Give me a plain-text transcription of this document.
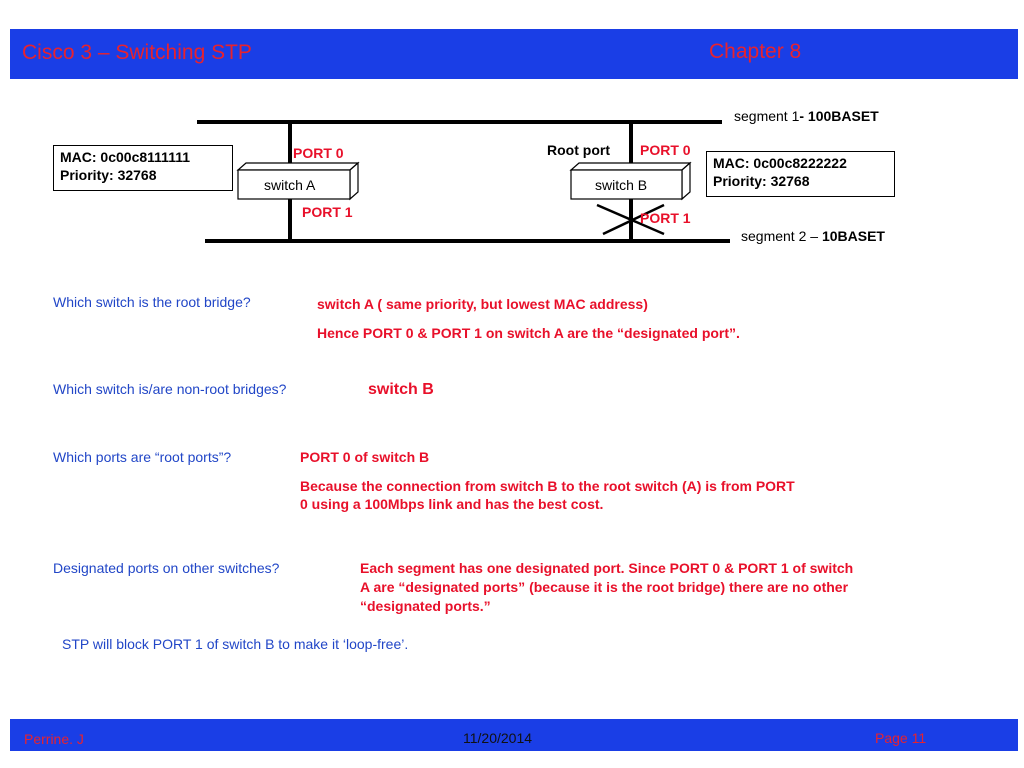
Cisco 3 – Switching STP	Chapter 8
switch A	switch B
MAC: 0c00c8111111
Priority: 32768
MAC: 0c00c8222222
Priority: 32768
PORT 0
PORT 1
PORT 0
PORT 1
Root port
segment 1- 100BASET
segment 2 – 10BASET
Which switch is the root bridge?	switch A ( same priority, but lowest MAC address)
Hence PORT 0 & PORT 1 on switch A are the “designated port”.
Which switch is/are non-root bridges?	switch B
Which ports are “root ports”?	PORT 0 of switch B
Because the connection from switch B to the root switch (A) is from PORT
0 using a 100Mbps link and has the best cost.
Designated ports on other switches?	Each segment has one designated port. Since PORT 0 & PORT 1 of switch
A are “designated ports” (because it is the root bridge) there are no other
“designated ports.”
STP will block PORT 1 of switch B to make it ‘loop-free’.
Perrine. J	11/20/2014	Page 11
